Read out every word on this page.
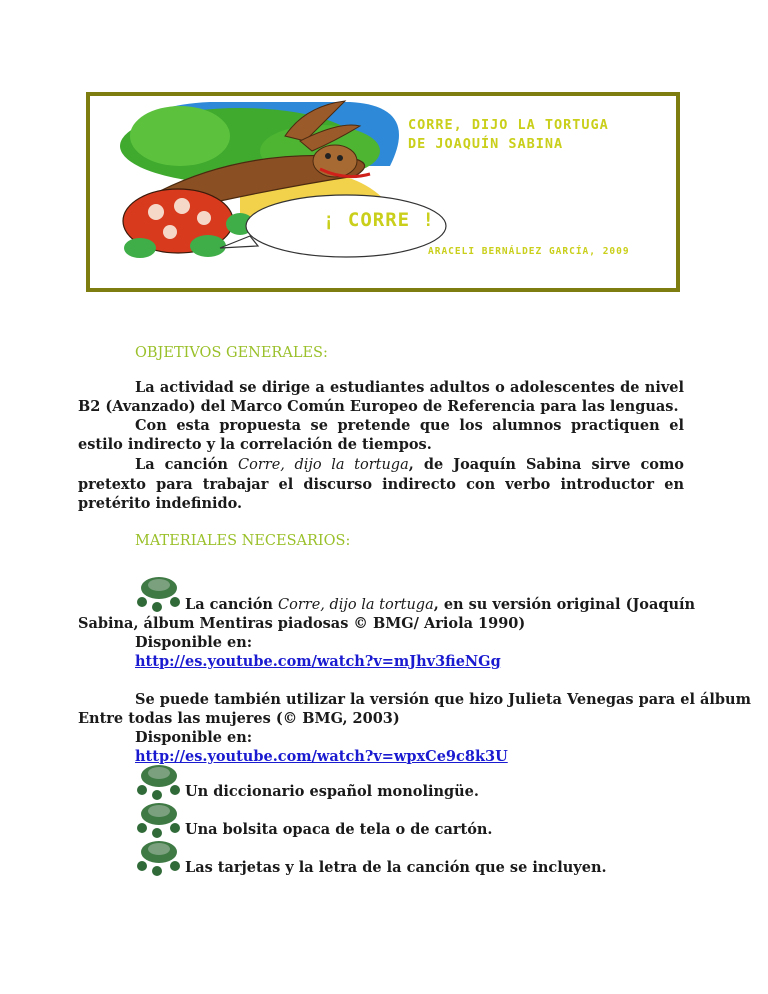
CORRE, DIJO LA TORTUGA
DE JOAQUÍN SABINA
¡ CORRE !
ARACELI BERNÁLDEZ GARCÍA, 2009
OBJETIVOS GENERALES:
La actividad se dirige a estudiantes adultos o adolescentes de nivel B2 (Avanzado) del Marco Común Europeo de Referencia para las lenguas.
Con esta propuesta se pretende que los alumnos practiquen el estilo indirecto y la correlación de tiempos.
La canción Corre, dijo la tortuga, de Joaquín Sabina sirve como pretexto para trabajar el discurso indirecto con verbo introductor en pretérito indefinido.
MATERIALES NECESARIOS:
La canción Corre, dijo la tortuga, en su versión original (Joaquín
Sabina, álbum Mentiras piadosas © BMG/ Ariola 1990)
Disponible en:
http://es.youtube.com/watch?v=mJhv3fieNGg
Se puede también utilizar la versión que hizo Julieta Venegas para el álbum
Entre todas las mujeres (© BMG, 2003)
Disponible en:
http://es.youtube.com/watch?v=wpxCe9c8k3U
Un diccionario español monolingüe.
Una bolsita opaca de tela o de cartón.
Las tarjetas y la letra de la canción que se incluyen.
